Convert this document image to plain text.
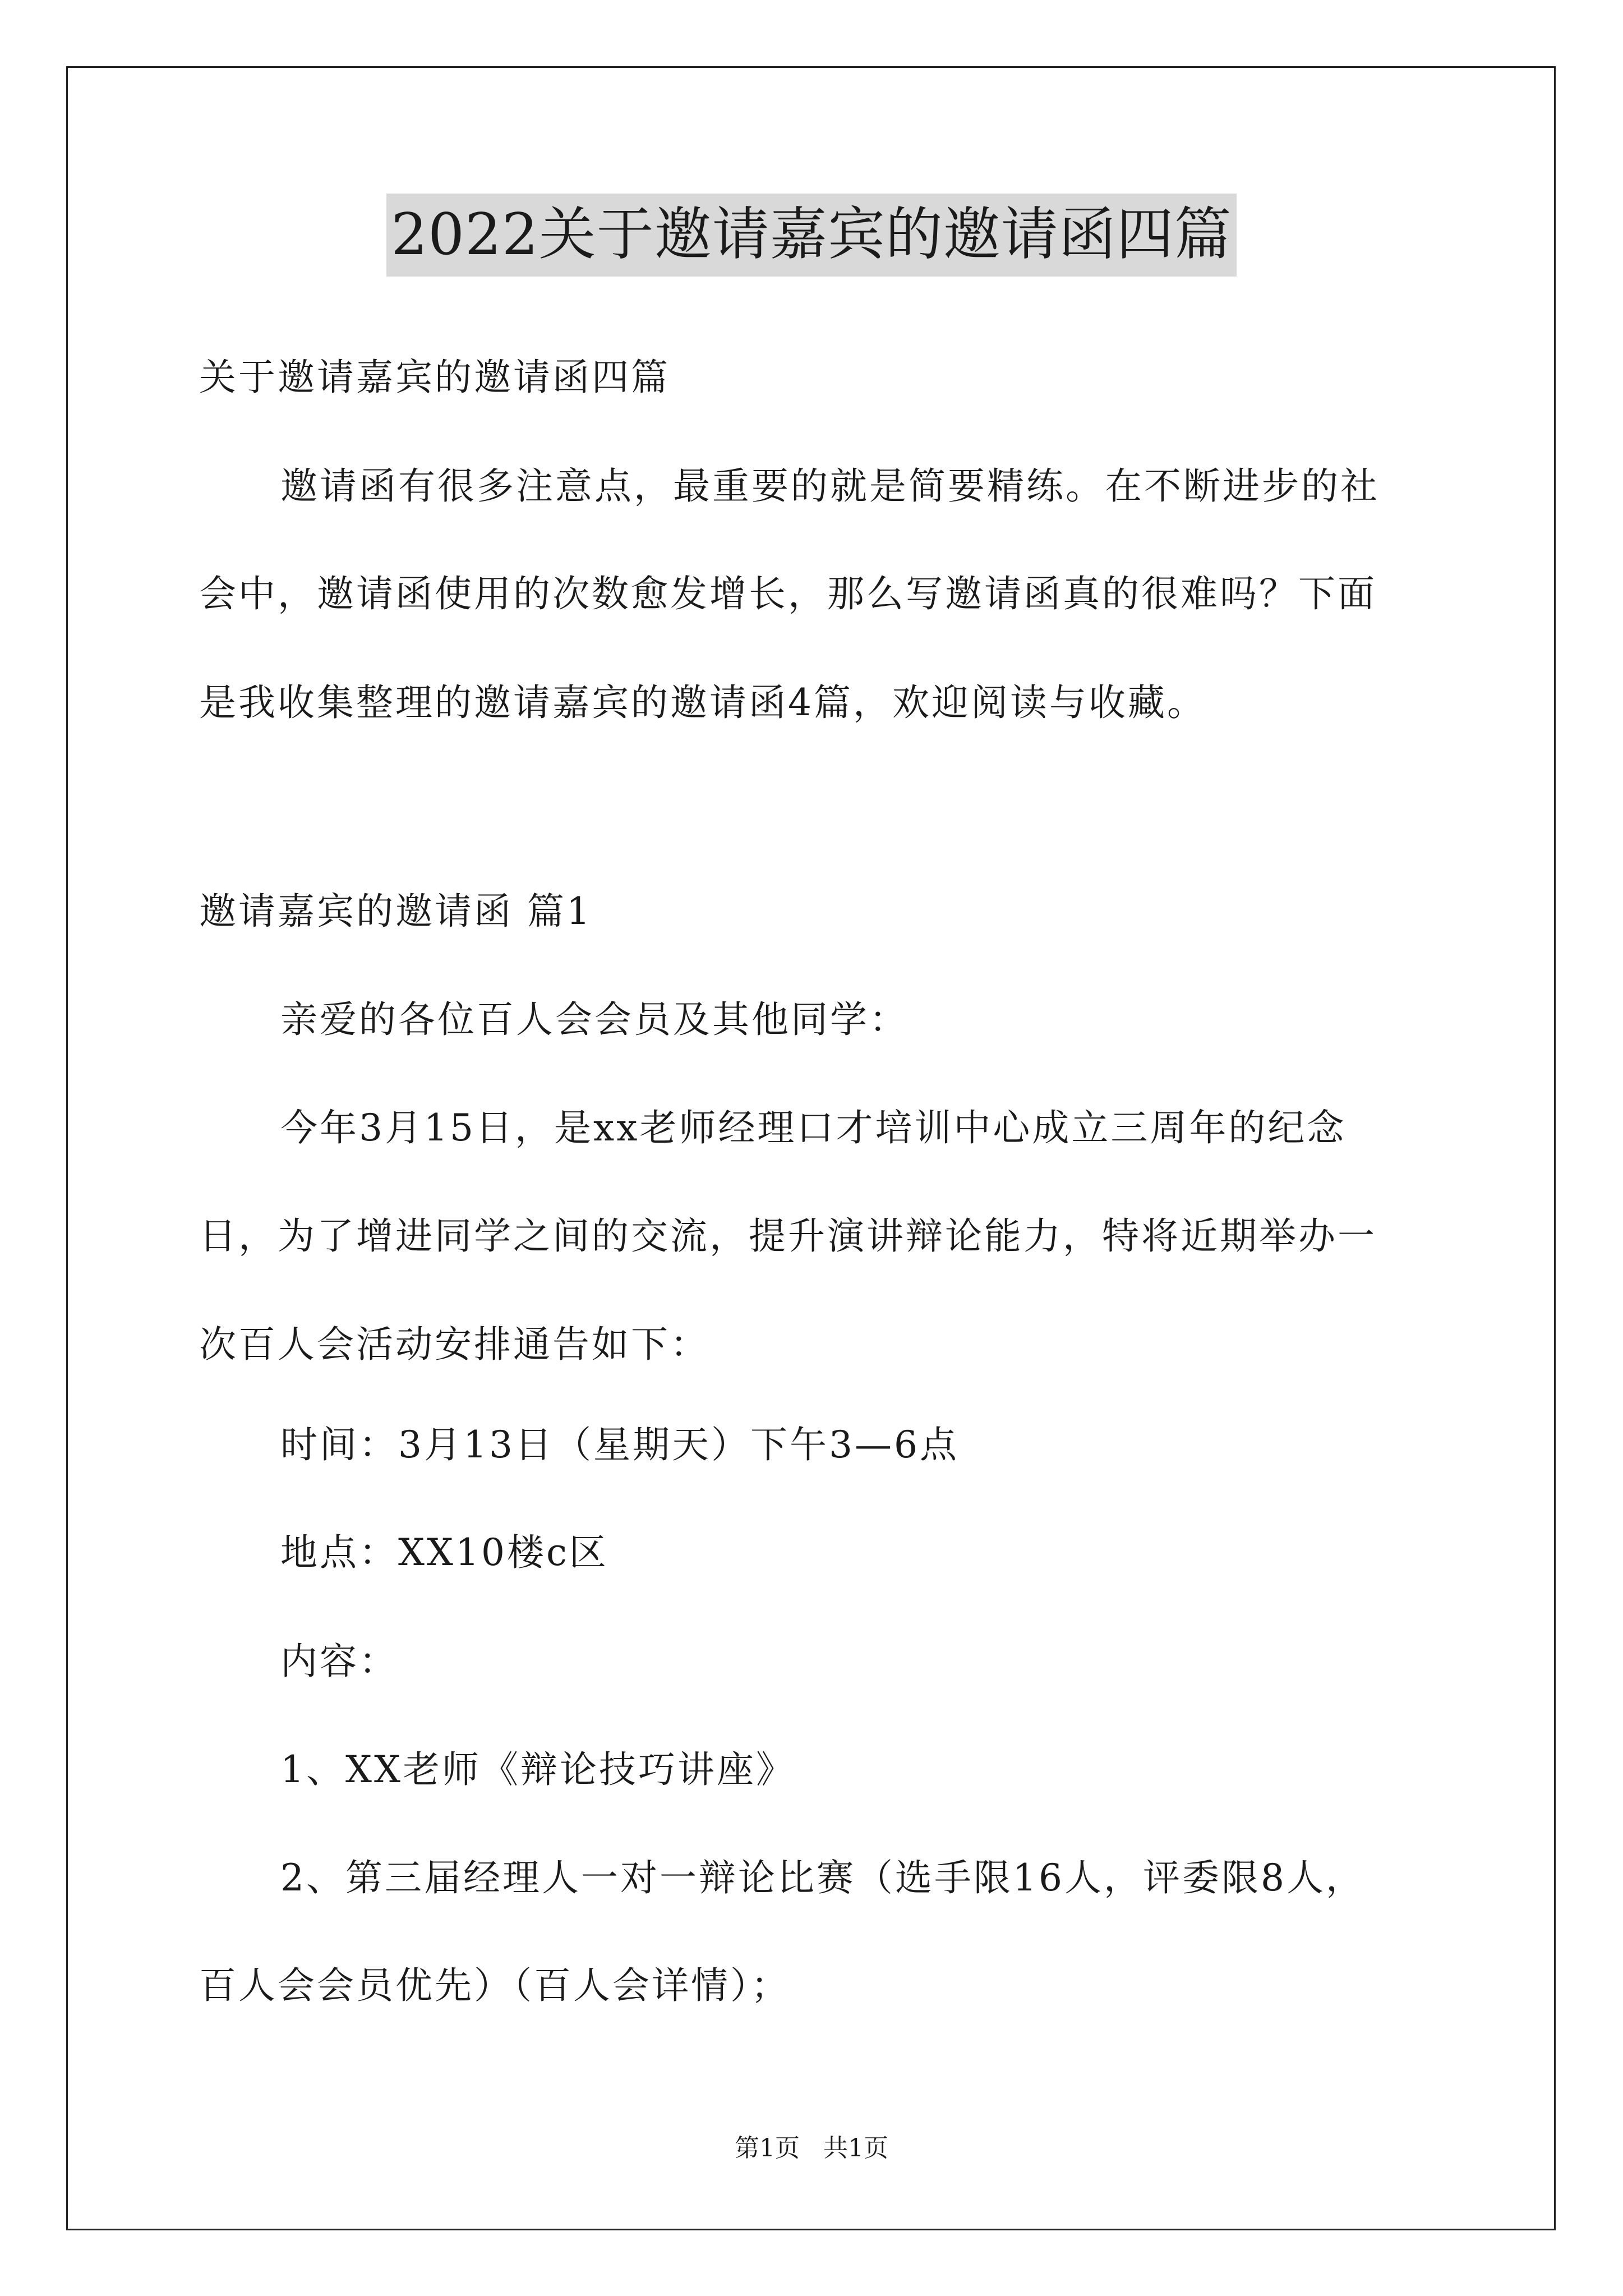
2022关于邀请嘉宾的邀请函四篇
关于邀请嘉宾的邀请函四篇
邀请函有很多注意点，最重要的就是简要精练。在不断进步的社
会中，邀请函使用的次数愈发增长，那么写邀请函真的很难吗？下面
是我收集整理的邀请嘉宾的邀请函4篇，欢迎阅读与收藏。
邀请嘉宾的邀请函 篇1
亲爱的各位百人会会员及其他同学：
今年3月15日，是xx老师经理口才培训中心成立三周年的纪念
日，为了增进同学之间的交流，提升演讲辩论能力，特将近期举办一
次百人会活动安排通告如下：
时间：3月13日（星期天）下午3—6点
地点：XX10楼c区
内容：
1、XX老师《辩论技巧讲座》
2、第三届经理人一对一辩论比赛（选手限16人，评委限8人，
百人会会员优先）（百人会详情）；
第1页   共1页
